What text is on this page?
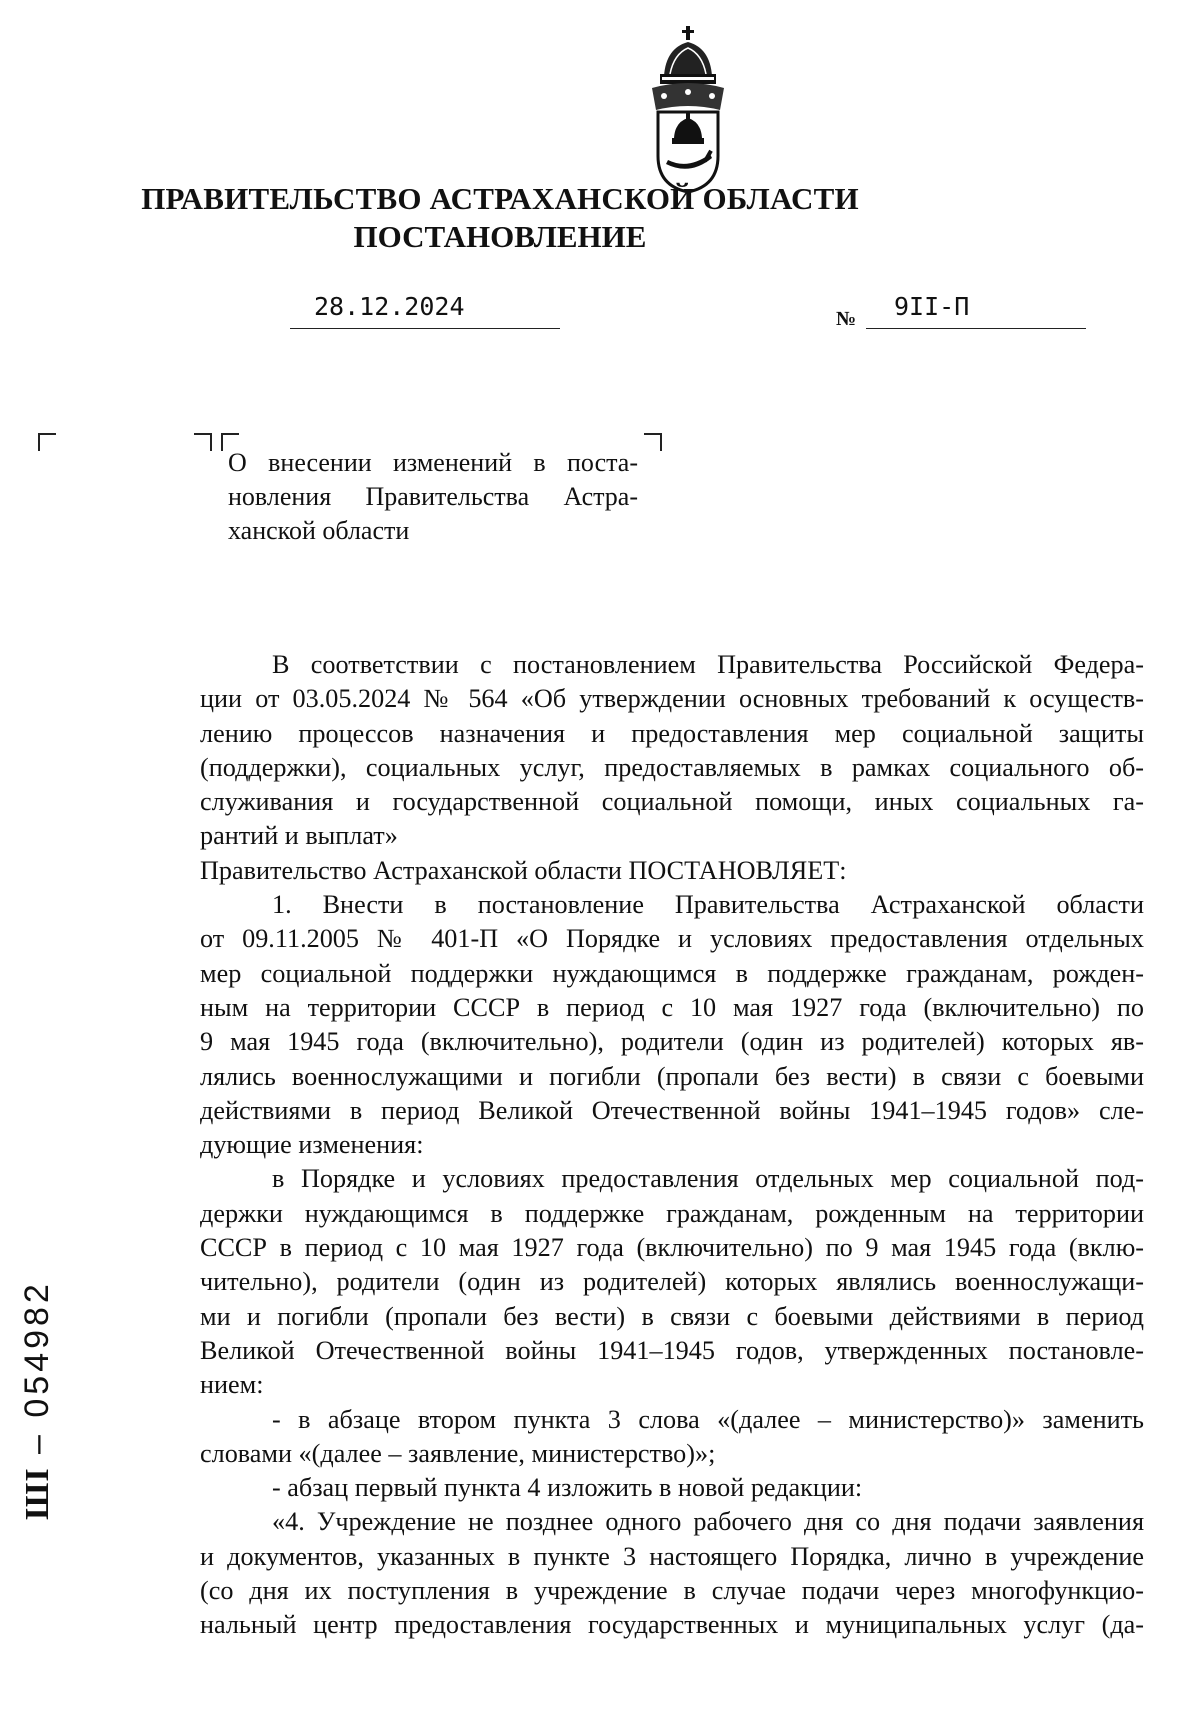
ПРАВИТЕЛЬСТВО АСТРАХАНСКОЙ ОБЛАСТИ
ПОСТАНОВЛЕНИЕ
28.12.2024	№ 9II-П
О внесении изменений в поста-
новления Правительства Астра-
ханской области
В соответствии с постановлением Правительства Российской Федера-
ции от 03.05.2024 № 564 «Об утверждении основных требований к осуществ-
лению процессов назначения и предоставления мер социальной защиты
(поддержки), социальных услуг, предоставляемых в рамках социального об-
служивания и государственной социальной помощи, иных социальных га-
рантий и выплат»
Правительство Астраханской области ПОСТАНОВЛЯЕТ:
1. Внести в постановление Правительства Астраханской области
от 09.11.2005 № 401-П «О Порядке и условиях предоставления отдельных
мер социальной поддержки нуждающимся в поддержке гражданам, рожден-
ным на территории СССР в период с 10 мая 1927 года (включительно) по
9 мая 1945 года (включительно), родители (один из родителей) которых яв-
лялись военнослужащими и погибли (пропали без вести) в связи с боевыми
действиями в период Великой Отечественной войны 1941–1945 годов» сле-
дующие изменения:
в Порядке и условиях предоставления отдельных мер социальной под-
держки нуждающимся в поддержке гражданам, рожденным на территории
СССР в период с 10 мая 1927 года (включительно) по 9 мая 1945 года (вклю-
чительно), родители (один из родителей) которых являлись военнослужащи-
ми и погибли (пропали без вести) в связи с боевыми действиями в период
Великой Отечественной войны 1941–1945 годов, утвержденных постановле-
нием:
- в абзаце втором пункта 3 слова «(далее – министерство)» заменить
словами «(далее – заявление, министерство)»;
- абзац первый пункта 4 изложить в новой редакции:
«4. Учреждение не позднее одного рабочего дня со дня подачи заявления
и документов, указанных в пункте 3 настоящего Порядка, лично в учреждение
(со дня их поступления в учреждение в случае подачи через многофункцио-
нальный центр предоставления государственных и муниципальных услуг (да-
ШI – 054982
